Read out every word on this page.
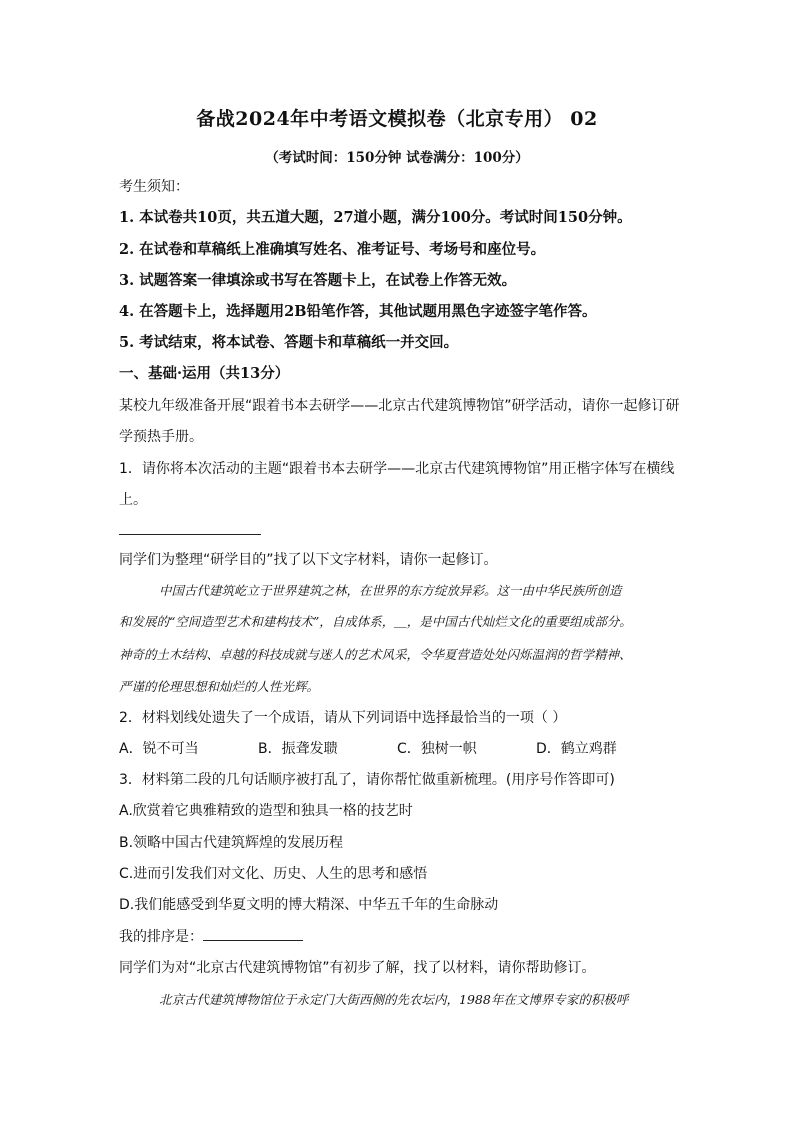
备战2024年中考语文模拟卷（北京专用） 02
（考试时间：150分钟 试卷满分：100分）
考生须知：
1. 本试卷共10页，共五道大题，27道小题，满分100分。考试时间150分钟。
2. 在试卷和草稿纸上准确填写姓名、准考证号、考场号和座位号。
3. 试题答案一律填涂或书写在答题卡上，在试卷上作答无效。
4. 在答题卡上，选择题用2B铅笔作答，其他试题用黑色字迹签字笔作答。
5. 考试结束，将本试卷、答题卡和草稿纸一并交回。
一、基础·运用（共13分）
某校九年级准备开展“跟着书本去研学——北京古代建筑博物馆”研学活动，请你一起修订研
学预热手册。
1．请你将本次活动的主题“跟着书本去研学——北京古代建筑博物馆”用正楷字体写在横线
上。
同学们为整理“研学目的”找了以下文字材料，请你一起修订。
中国古代建筑屹立于世界建筑之林，在世界的东方绽放异彩。这一由中华民族所创造
和发展的“空间造型艺术和建构技术”，自成体系，＿，是中国古代灿烂文化的重要组成部分。
神奇的土木结构、卓越的科技成就与迷人的艺术风采，令华夏营造处处闪烁温润的哲学精神、
严谨的伦理思想和灿烂的人性光辉。
2．材料划线处遗失了一个成语，请从下列词语中选择最恰当的一项（ ）
A．锐不可当	B．振聋发聩	C．独树一帜	D．鹤立鸡群
3．材料第二段的几句话顺序被打乱了，请你帮忙做重新梳理。(用序号作答即可)
A.欣赏着它典雅精致的造型和独具一格的技艺时
B.领略中国古代建筑辉煌的发展历程
C.进而引发我们对文化、历史、人生的思考和感悟
D.我们能感受到华夏文明的博大精深、中华五千年的生命脉动
我的排序是：
同学们为对“北京古代建筑博物馆”有初步了解，找了以材料，请你帮助修订。
北京古代建筑博物馆位于永定门大街西侧的先农坛内，1988年在文博界专家的积极呼
